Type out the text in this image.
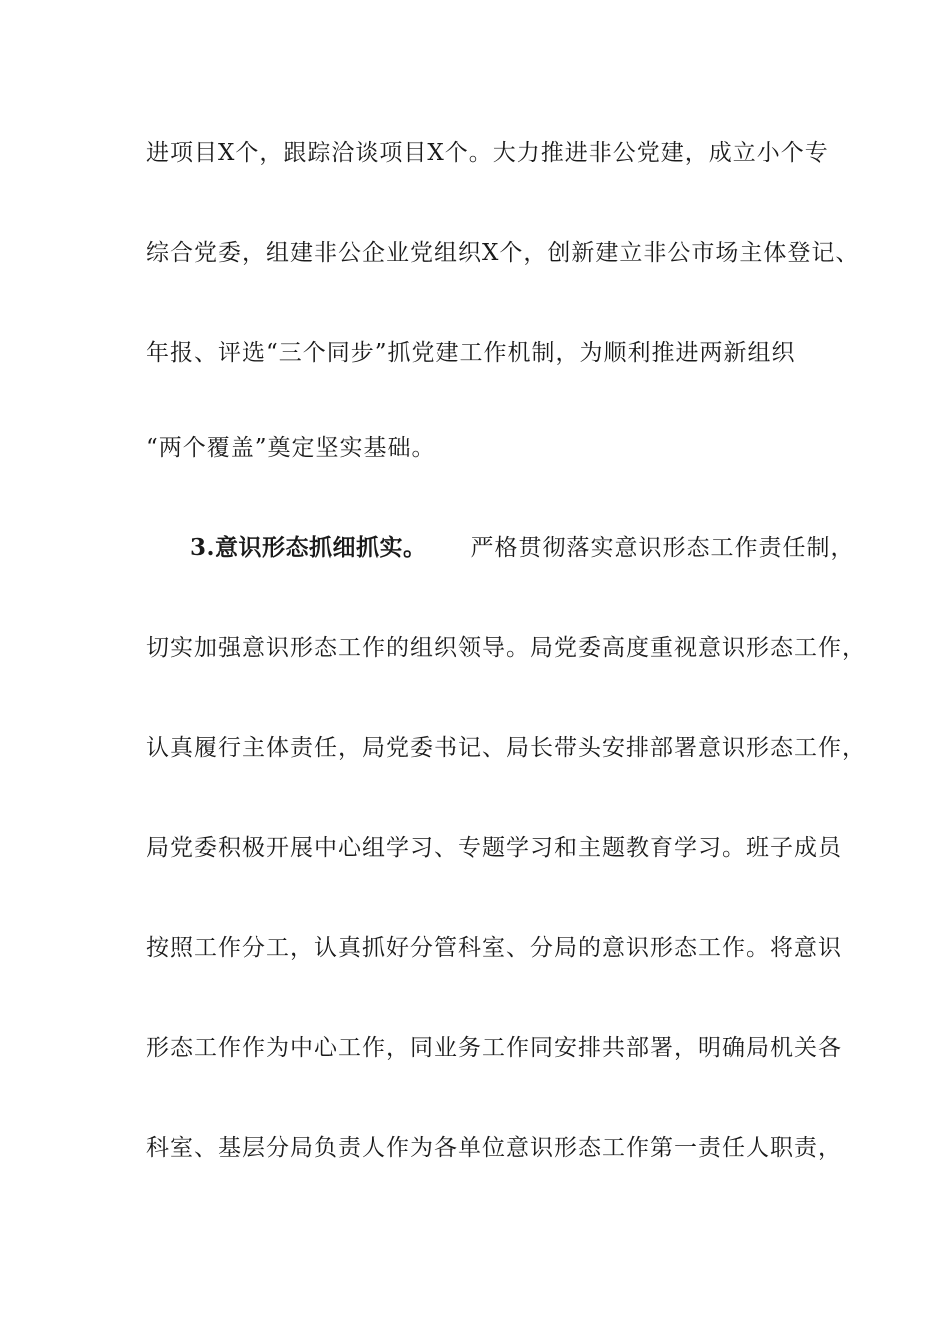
进项目X个，跟踪洽谈项目X个。大力推进非公党建，成立小个专
综合党委，组建非公企业党组织X个，创新建立非公市场主体登记、
年报、评选“三个同步”抓党建工作机制，为顺利推进两新组织
“两个覆盖”奠定坚实基础。
3.意识形态抓细抓实。 严格贯彻落实意识形态工作责任制，
切实加强意识形态工作的组织领导。局党委高度重视意识形态工作，
认真履行主体责任，局党委书记、局长带头安排部署意识形态工作，
局党委积极开展中心组学习、专题学习和主题教育学习。班子成员
按照工作分工，认真抓好分管科室、分局的意识形态工作。将意识
形态工作作为中心工作，同业务工作同安排共部署，明确局机关各
科室、基层分局负责人作为各单位意识形态工作第一责任人职责，
